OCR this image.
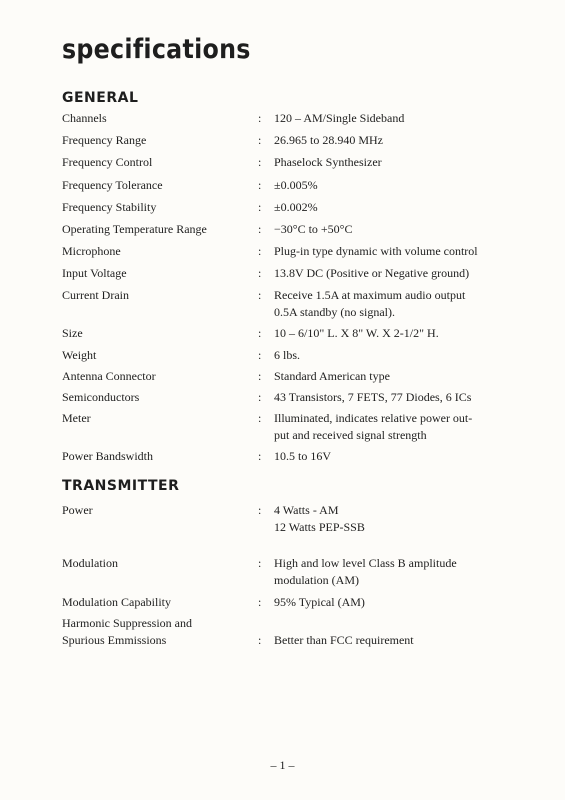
specifications
GENERAL
Channels	: 120 – AM/Single Sideband
Frequency Range	: 26.965 to 28.940 MHz
Frequency Control	: Phaselock Synthesizer
Frequency Tolerance	: ±0.005%
Frequency Stability	: ±0.002%
Operating Temperature Range	: −30°C to +50°C
Microphone	: Plug-in type dynamic with volume control
Input Voltage	: 13.8V DC (Positive or Negative ground)
Current Drain	: Receive 1.5A at maximum audio output
0.5A standby (no signal).
Size	: 10 – 6/10" L. X 8" W. X 2-1/2" H.
Weight	: 6 lbs.
Antenna Connector	: Standard American type
Semiconductors	: 43 Transistors, 7 FETS, 77 Diodes, 6 ICs
Meter	: Illuminated, indicates relative power out-
put and received signal strength
Power Bandswidth	: 10.5 to 16V
TRANSMITTER
Power	: 4 Watts - AM
12 Watts PEP-SSB
Modulation	: High and low level Class B amplitude
modulation (AM)
Modulation Capability	: 95% Typical (AM)
Harmonic Suppression and
Spurious Emmissions	: Better than FCC requirement
– 1 –
